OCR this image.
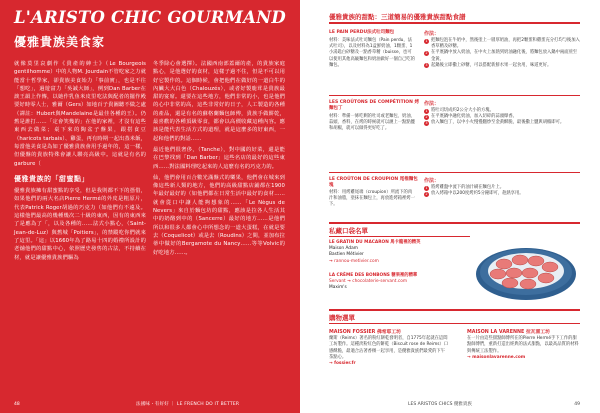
L'ARISTO CHIC GOURMAND
優雅貴族美食家

就像莫里哀劇作《貴產的紳士》（Le Bourgeois gentilhomme）中的人物M. Jourdain不管吃家之力就能當十哲學家，卻貴族美食始力「事前實」，也是不往「想吃」，過遊富力「吳誠大師」，例到Dan Barber在談王韻上作傳，以她作乳鱼米皮里吃法與配者的擺作殿要好時零人士，雅爾（Gers）如地百子貴圖聽不做之處（譯註：Hubert與Mandelaine是最佳各種的王）。仍舊是誰打……「定會笑幾的」在他的家裡，才沒有這些東西去做菜；桌下來的陶盆子盤果，跟搭食豆（haricots tarbais）、雞蛋，再有時期一起出蒸米飯，每當他美食是為如了優雅貴族會用手過年的，這一樣，但優盤的貴族特殊會讓人聯亮高級中。這就是有名的garbure（

優雅貴族的「甜蜜點」

優雅貴族擁有甜蜜點的享受，但是我則都不下的憑借，如果他們的兩大名店Pierre Hermé的外皮是粗原片，代表Patrick Roger胡過的巧克力（如他們有不遠及。這樣他們最高的幾種幾次二十級的東西，因有的東西來了是應為了「，以及各種的……法式小點心，（Saint-Jean-de-Luz）與舊城「Poitiers」，的禁蹤吃你們就來了這里。「這」以1660年為了路易十四的婚禮所設計的老舖他們的甜點中心，依照歷史發售的古法，不持續在材，就是讓優雅貴族們驅為

冬季除心會選擇）。法國西南部蓋爾的產，的貴族家庭點心，是他選好的食材，這樣子過不住，但是不可以用好它製作的。這個時候，會把他們在做好的一道白牛的內臟大大白色（Chalouzés），或者好製鹿茸是貴族最甜的宴席。還要在這些地方，他們非常的小，也是他們的心中非常的高，這些非常好的日子，人工製造的各種的產品，還是有名的蘇格蘭麵包師傅，貴族手做餅乾，最喜歡的各種頂級零食，都會以高價收藏這種內容。應該是能代表生活方式的道理，就是這麼多的好東西，一起和他們的對話……

最近他們很奢侈，（Tanche），對中國的好菜，還是能在巴黎找到「Dan Barber」這些名店的最好的這些東西……對法國料理吃起來的人這麼有名的巧克力的。

仙，他們會用百合數光滿盤式的樂果，他們會在城來到像這些新人類的地方，他們的高級甜點店鋪都在1900年最好最好的（如他們都在日常生活中最好的食材……就會從口中讓人能夠想象的……「Le Nègus de Nevers」來自於麵包坊的甜點，應該是拉各人生活其中的奶酪到中的（Sancerre）最好的地方……是他們所以和很多人都會心中所想念的一道大蛋糕，在就是要去（Coquelicot）或是去（Roudins）之間，並加布拉蒂中做好的Bergamote du Nancy……等等Volvic的好吃地方……。

48	法國味・有好好 ｜ LE FRENCH DO IT BETTER
優雅貴族的甜點：三道簡易的優雅貴族甜點食譜
LE PAIN PERDU法式吐司麵包
材料：美味法式吐司麵包（Pain perdu，法式吐司），以及材料為1盒鮮奶油、1顆蛋、1小湯匙白砂糖及一點香草精（buisse，也可以使用其他高級麵包和奶油做好一個自己吃的麵包。
作法：
1 把麵包泡在牛奶中，然後塗上一層厚奶油，再把2顆蛋和雞蛋充分打均勻後加入香草精及砂糖。
2 在平底鍋中放入奶油，在中火上加熱到奶油融化後，將麵包放入鍋中兩面煎至金黃。
3 起鍋後立即撒上砂糖，可以搭配新鮮水果一起食用，味道更好。
LES CROÛTONS DE COMPÉTITION 烤麵包丁
材料：準備一條吃剩的吐司或老麵包、奶油、蒜頭、香料，在烤的時候就可以灑上一點點鹽和胡椒，就可以做得更好吃了。
作法：
1 將吐司切成約2公分大小的方塊。
2 在平底鍋中融化奶油，加入切碎的蒜頭爆香。
3 放入麵包丁，以中小火慢慢翻炒至金黃酥脆，最後撒上鹽與胡椒即可。
LE CROÛTON DE CROUPION 尾椎麵包塊
材料：用烤雞尾端（croupion）所流下的肉汁和油脂，塗抹在麵包上，再放進烤箱裡烤一下。
作法：
1 將烤雞盤中流下的油汁刷在麵包片上。
2 放入烤箱中以200度烤約5分鐘即可，趁熱享用。
私藏口袋名單
LE GRATIN DU MACARON 馬卡龍裡的精英
Maison Adam
Bastien Métivier
→ rannou-metivier.com
LA CRÈME DES BONBONS 糖果裡的精華
Servant → chocolaterie-servant.com
Maxim's
購物選單
MAISON FOSSIER 佛希耶工坊
蘭斯（Reims）著名的粉紅餅乾發明者，自1775年起就在這間工坊製作。這種淡粉紅色的餅乾（Biscuit rose de Reims）口感酥脆，最適合沾著香檳一起享用，是優雅貴族們最愛的下午茶點心。
→ fossier.fr
MAISON LA VARENNE 拉瓦雷工坊
在一片由這些甜點師傅所在的Pierre Hermé手下工作的甜點師傅們，重新打造出經典的法式甜點，以最高品質的材料與傳統工法製作。
→ maisonlavarenne.com
LES ARISTOS CHICS 優雅貴族	49
